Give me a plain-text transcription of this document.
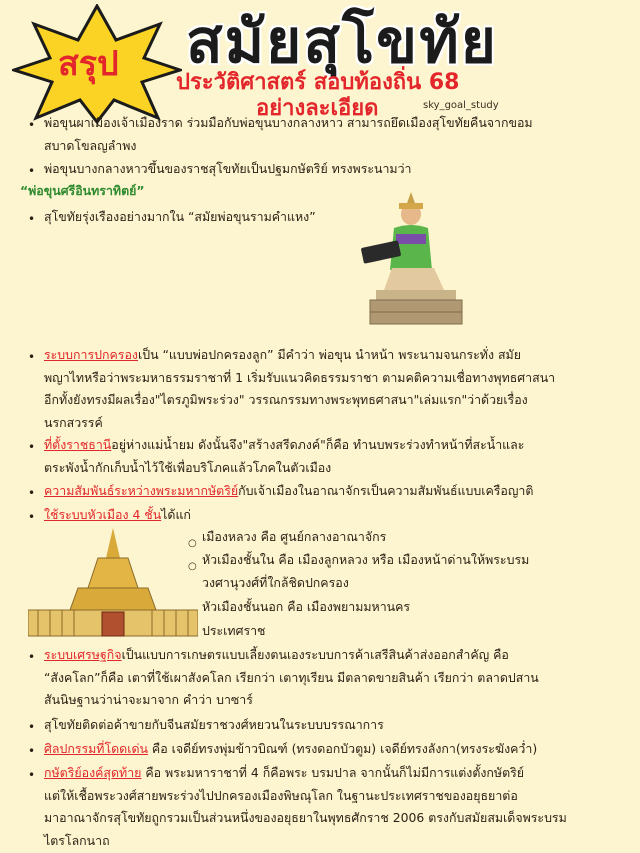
สรุป สมัยสุโขทัย
ประวัติศาสตร์ สอบท้องถิ่น 68
อย่างละเอียด	sky_goal_study
• พ่อขุนผาเมืองเจ้าเมืองราด ร่วมมือกับพ่อขุนบางกลางหาว สามารถยึดเมืองสุโขทัยคืนจากขอม
สบาดโขลญลำพง
• พ่อขุนบางกลางหาวขึ้นของราชสุโขทัยเป็นปฐมกษัตริย์ ทรงพระนามว่า
“พ่อขุนศรีอินทราทิตย์”
• สุโขทัยรุ่งเรืองอย่างมากใน “สมัยพ่อขุนรามคำแหง”
• ระบบการปกครองเป็น “แบบพ่อปกครองลูก” มีคำว่า พ่อขุน นำหน้า พระนามจนกระทั่ง สมัย
พญาไทหรือว่าพระมหาธรรมราชาที่ 1 เริ่มรับแนวคิดธรรมราชา ตามคติความเชื่อทางพุทธศาสนา
อีกทั้งยังทรงมีผลเรื่อง"ไตรภูมิพระร่วง" วรรณกรรมทางพระพุทธศาสนา"เล่มแรก"ว่าด้วยเรื่อง
นรกสวรรค์
• ที่ตั้งราชธานีอยู่ห่างแม่น้ำยม ดังนั้นจึง"สร้างสรีดภงค์"ก็คือ ทำนบพระร่วงทำหน้าที่สะน้ำและ
ตระพังน้ำกักเก็บน้ำไว้ใช้เพื่อบริโภคแล้วโภคในตัวเมือง
• ความสัมพันธ์ระหว่างพระมหากษัตริย์กับเจ้าเมืองในอาณาจักรเป็นความสัมพันธ์แบบเครือญาติ
• ใช้ระบบหัวเมือง 4 ชั้นได้แก่
○ เมืองหลวง คือ ศูนย์กลางอาณาจักร
○ หัวเมืองชั้นใน คือ เมืองลูกหลวง หรือ เมืองหน้าด่านให้พระบรม
วงศานุวงศ์ที่ใกล้ชิดปกครอง
หัวเมืองชั้นนอก คือ เมืองพยามมหานคร
ประเทศราช
• ระบบเศรษฐกิจเป็นแบบการเกษตรแบบเลี้ยงตนเองระบบการค้าเสรีสินค้าส่งออกสำคัญ คือ
“สังคโลก”ก็คือ เตาที่ใช้เผาสังคโลก เรียกว่า เตาทุเรียน มีตลาดขายสินค้า เรียกว่า ตลาดปสาน
สันนิษฐานว่าน่าจะมาจาก คำว่า บาซาร์
• สุโขทัยติดต่อค้าขายกับจีนสมัยราชวงศ์หยวนในระบบบรรณาการ
• ศิลปกรรมที่โดดเด่น คือ เจดีย์ทรงพุ่มข้าวบิณฑ์ (ทรงดอกบัวตูม) เจดีย์ทรงลังกา(ทรงระฆังคว่ำ)
• กษัตริย์องค์สุดท้าย คือ พระมหาราชาที่ 4 ก็คือพระ บรมปาล จากนั้นก็ไม่มีการแต่งตั้งกษัตริย์
แต่ให้เชื้อพระวงศ์สายพระร่วงไปปกครองเมืองพิษณุโลก ในฐานะประเทศราชของอยุธยาต่อ
มาอาณาจักรสุโขทัยถูกรวมเป็นส่วนหนึ่งของอยุธยาในพุทธศักราช 2006 ตรงกับสมัยสมเด็จพระบรม
ไตรโลกนาถ
